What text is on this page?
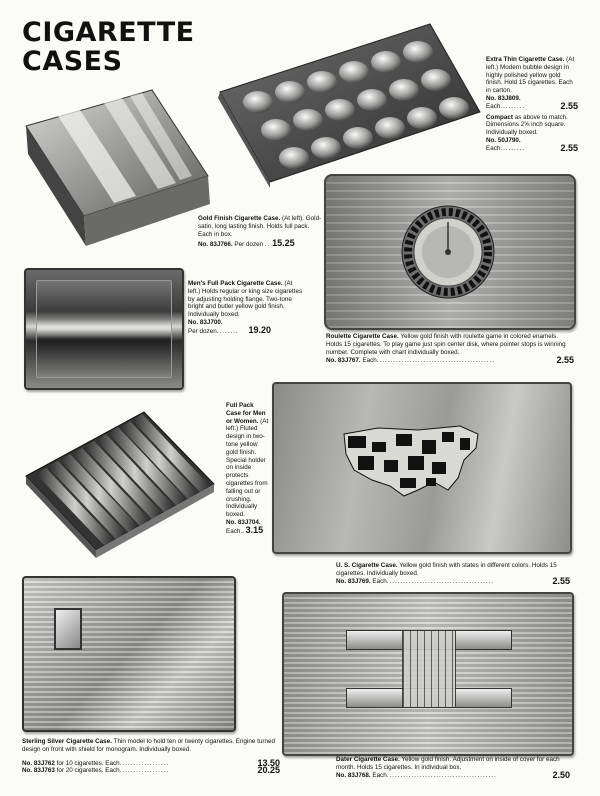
CIGARETTE
CASES
Gold Finish Cigarette Case. (At left). Gold-satin, long lasting finish. Holds full pack. Each in box.
No. 83J766. Per dozen .. 15.25
Extra Thin Cigarette Case. (At left.) Modern bubble design in highly polished yellow gold finish. Hold 15 cigarettes. Each in carton.
No. 83J809.
Each.........	2.55
Compact as above to match. Dimensions 2⅝ inch square. Individually boxed.
No. 50J790.
Each.........	2.55
Men's Full Pack Cigarette Case. (At left.) Holds regular or king size cigarettes by adjusting holding flange. Two-tone bright and butler yellow gold finish. Individually boxed.
No. 83J700.
Per dozen........ 19.20
Roulette Cigarette Case. Yellow gold finish with roulette game in colored enamels. Holds 15 cigarettes. To play game just spin center disk, where pointer stops is winning number. Complete with chart individually boxed.
No. 83J767. Each...........................................	2.55
Full Pack Case for Men or Women. (At left.) Fluted design in two-tone yellow gold finish. Special holder on inside protects cigarettes from falling out or crushing. Individually boxed.
No. 83J704.
Each.. 3.15
U. S. Cigarette Case. Yellow gold finish with states in different colors. Holds 15 cigarettes. Individually boxed.
No. 83J769. Each.......................................	2.55
Sterling Silver Cigarette Case. Thin model to hold ten or twenty cigarettes. Engine turned design on front with shield for monogram. Individually boxed.
No. 83J762 for 10 cigarettes. Each..................	13.50
No. 83J763 for 20 cigarettes. Each..................	20.25
Dater Cigarette Case. Yellow gold finish. Adjustment on inside of cover for each month. Holds 15 cigarettes. In individual box.
No. 83J768. Each........................................	2.50
